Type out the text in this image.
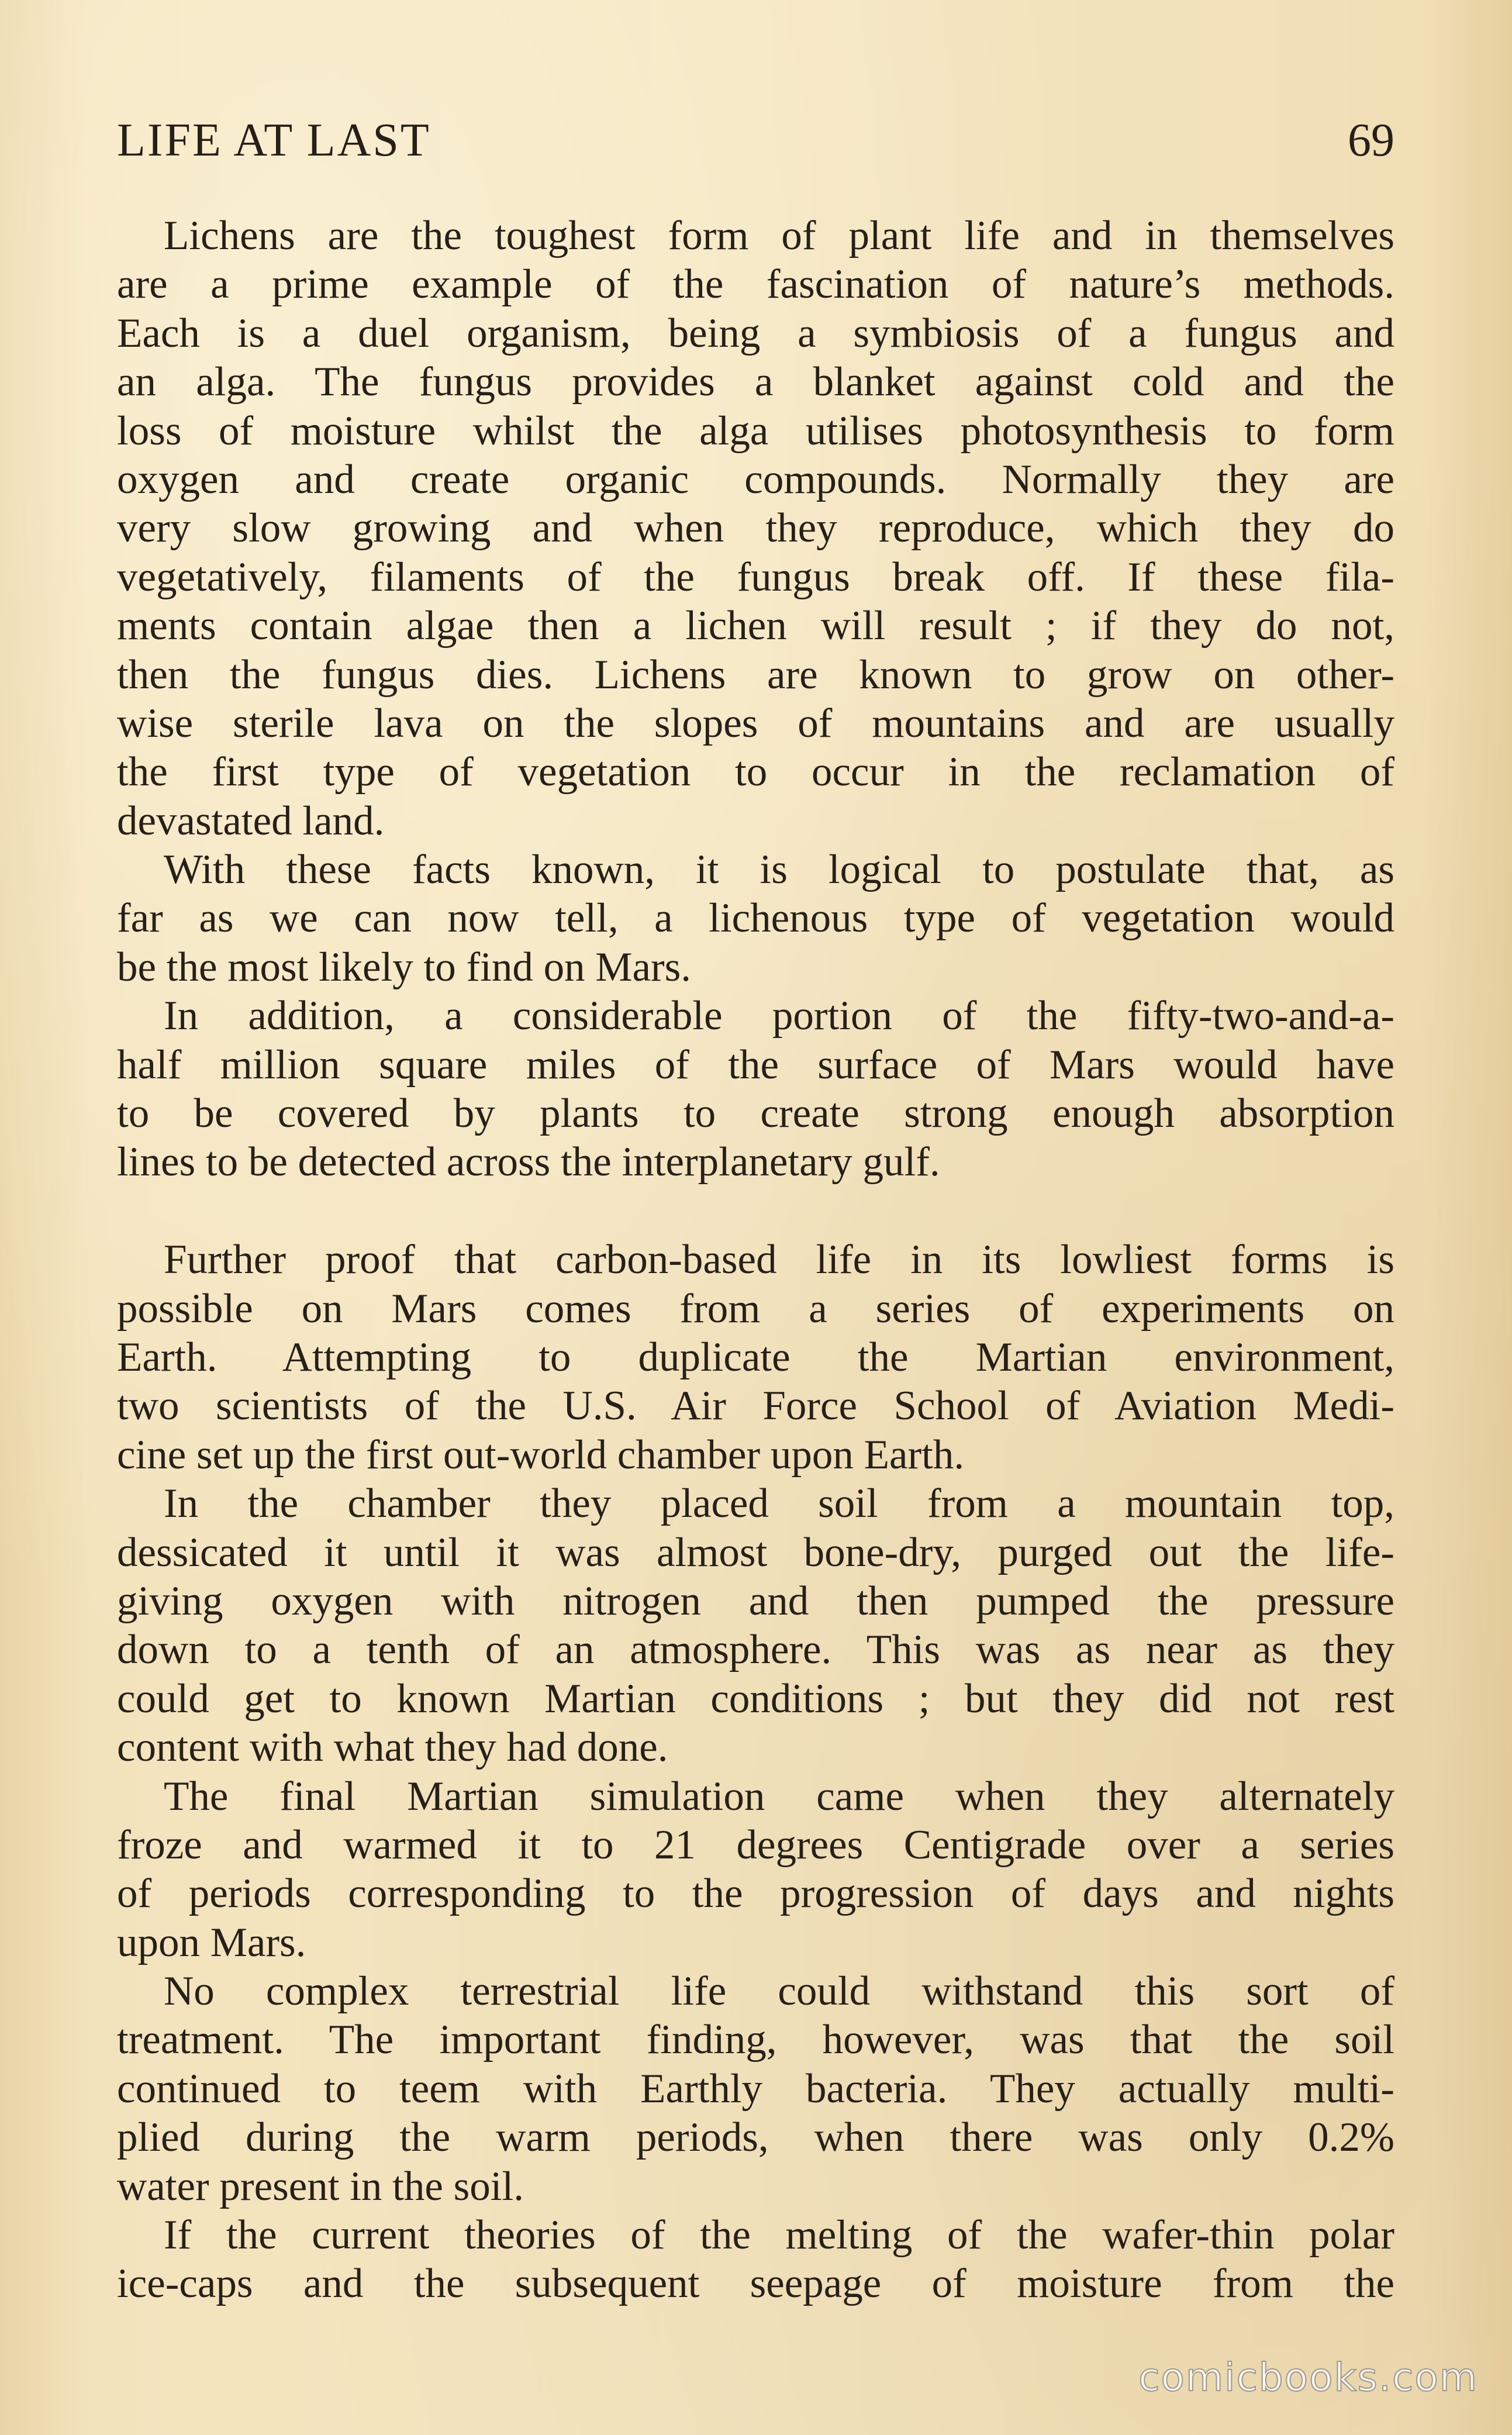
LIFE AT LAST	69
Lichens are the toughest form of plant life and in themselves
are a prime example of the fascination of nature’s methods.
Each is a duel organism, being a symbiosis of a fungus and
an alga. The fungus provides a blanket against cold and the
loss of moisture whilst the alga utilises photosynthesis to form
oxygen and create organic compounds. Normally they are
very slow growing and when they reproduce, which they do
vegetatively, filaments of the fungus break off. If these fila-
ments contain algae then a lichen will result ; if they do not,
then the fungus dies. Lichens are known to grow on other-
wise sterile lava on the slopes of mountains and are usually
the first type of vegetation to occur in the reclamation of
devastated land.
With these facts known, it is logical to postulate that, as
far as we can now tell, a lichenous type of vegetation would
be the most likely to find on Mars.
In addition, a considerable portion of the fifty-two-and-a-
half million square miles of the surface of Mars would have
to be covered by plants to create strong enough absorption
lines to be detected across the interplanetary gulf.
Further proof that carbon-based life in its lowliest forms is
possible on Mars comes from a series of experiments on
Earth. Attempting to duplicate the Martian environment,
two scientists of the U.S. Air Force School of Aviation Medi-
cine set up the first out-world chamber upon Earth.
In the chamber they placed soil from a mountain top,
dessicated it until it was almost bone-dry, purged out the life-
giving oxygen with nitrogen and then pumped the pressure
down to a tenth of an atmosphere. This was as near as they
could get to known Martian conditions ; but they did not rest
content with what they had done.
The final Martian simulation came when they alternately
froze and warmed it to 21 degrees Centigrade over a series
of periods corresponding to the progression of days and nights
upon Mars.
No complex terrestrial life could withstand this sort of
treatment. The important finding, however, was that the soil
continued to teem with Earthly bacteria. They actually multi-
plied during the warm periods, when there was only 0.2%
water present in the soil.
If the current theories of the melting of the wafer-thin polar
ice-caps and the subsequent seepage of moisture from the
comicbooks.com
